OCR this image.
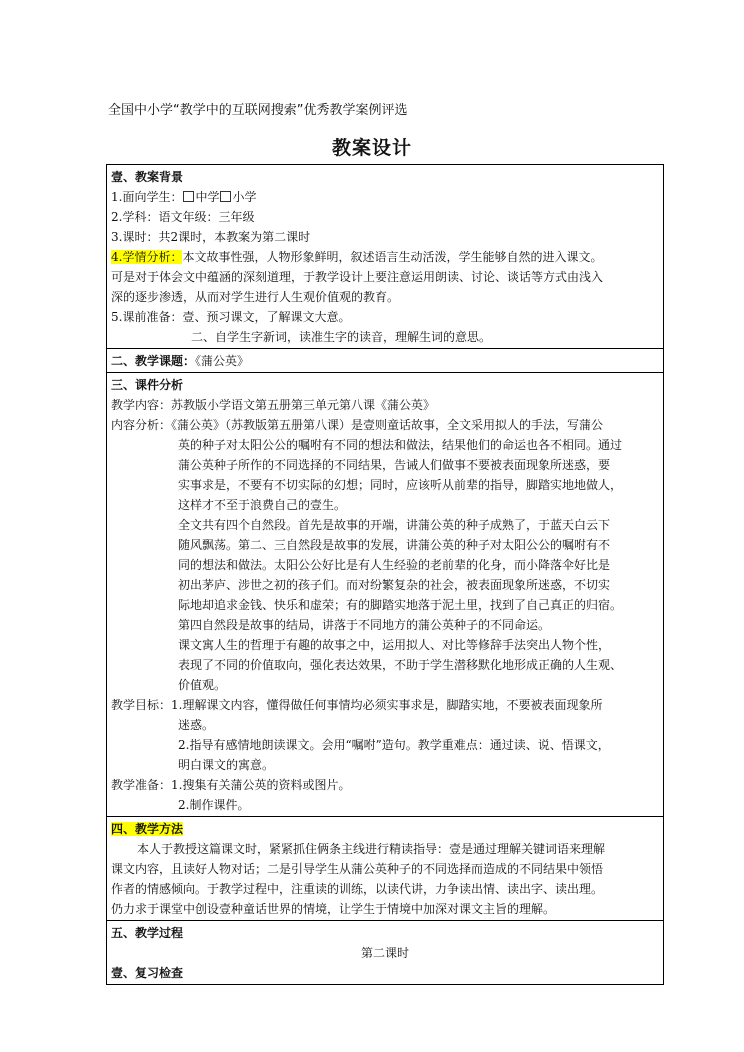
全国中小学“教学中的互联网搜索”优秀教学案例评选
教案设计
壹、教案背景
1.面向学生： 中学 小学
2.学科：语文年级：三年级
3.课时：共2课时，本教案为第二课时
4.学情分析：本文故事性强，人物形象鲜明，叙述语言生动活泼，学生能够自然的进入课文。
可是对于体会文中蕴涵的深刻道理，于教学设计上要注意运用朗读、讨论、谈话等方式由浅入
深的逐步渗透，从而对学生进行人生观价值观的教育。
5.课前准备：壹、预习课文，了解课文大意。
二、自学生字新词，读准生字的读音，理解生词的意思。
二、教学课题：《蒲公英》
三、课件分析
教学内容：苏教版小学语文第五册第三单元第八课《蒲公英》
内容分析：《蒲公英》（苏教版第五册第八课）是壹则童话故事，全文采用拟人的手法，写蒲公
英的种子对太阳公公的嘱咐有不同的想法和做法，结果他们的命运也各不相同。通过
蒲公英种子所作的不同选择的不同结果，告诫人们做事不要被表面现象所迷惑，要
实事求是，不要有不切实际的幻想；同时，应该听从前辈的指导，脚踏实地地做人，
这样才不至于浪费自己的壹生。
全文共有四个自然段。首先是故事的开端，讲蒲公英的种子成熟了，于蓝天白云下
随风飘荡。第二、三自然段是故事的发展，讲蒲公英的种子对太阳公公的嘱咐有不
同的想法和做法。太阳公公好比是有人生经验的老前辈的化身，而小降落伞好比是
初出茅庐、涉世之初的孩子们。而对纷繁复杂的社会，被表面现象所迷惑，不切实
际地却追求金钱、快乐和虚荣；有的脚踏实地落于泥土里，找到了自己真正的归宿。
第四自然段是故事的结局，讲落于不同地方的蒲公英种子的不同命运。
课文寓人生的哲理于有趣的故事之中，运用拟人、对比等修辞手法突出人物个性，
表现了不同的价值取向，强化表达效果，不助于学生潜移默化地形成正确的人生观、
价值观。
教学目标：1.理解课文内容，懂得做任何事情均必须实事求是，脚踏实地，不要被表面现象所
迷惑。
2.指导有感情地朗读课文。会用“嘱咐”造句。教学重难点：通过读、说、悟课文，
明白课文的寓意。
教学准备：1.搜集有关蒲公英的资料或图片。
2.制作课件。
四、教学方法
本人于教授这篇课文时，紧紧抓住俩条主线进行精读指导：壹是通过理解关键词语来理解
课文内容，且读好人物对话；二是引导学生从蒲公英种子的不同选择而造成的不同结果中领悟
作者的情感倾向。于教学过程中，注重读的训练，以读代讲，力争读出情、读出字、读出理。
仍力求于课堂中创设壹种童话世界的情境，让学生于情境中加深对课文主旨的理解。
五、教学过程
第二课时
壹、复习检查
